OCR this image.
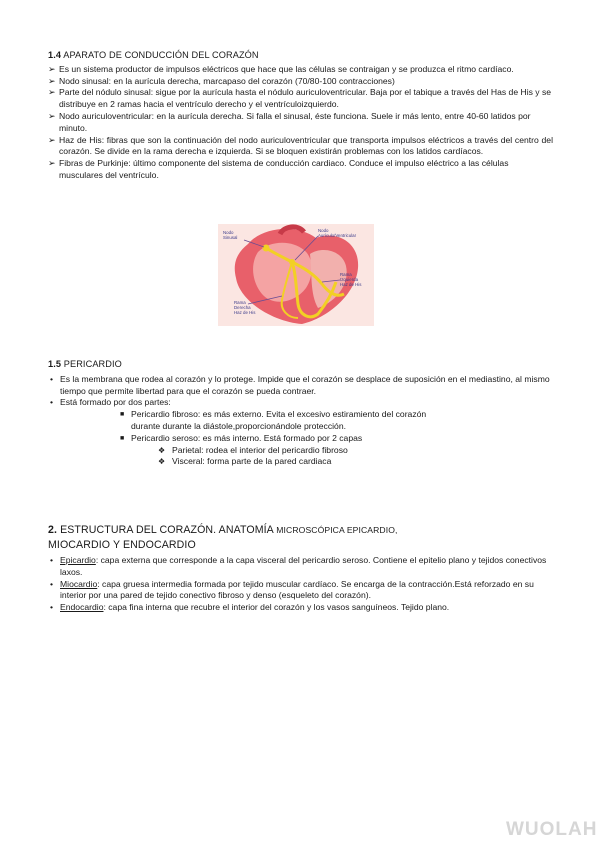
1.4 APARATO DE CONDUCCIÓN DEL CORAZÓN
➢ Es un sistema productor de impulsos eléctricos que hace que las células se contraigan y se produzca el ritmo cardíaco.
➢ Nodo sinusal: en la aurícula derecha, marcapaso del corazón (70/80-100 contracciones)
➢ Parte del nódulo sinusal: sigue por la aurícula hasta el nódulo auriculoventricular. Baja por el tabique a través del Has de His y se distribuye en 2 ramas hacia el ventrículo derecho y el ventrículoizquierdo.
➢ Nodo auriculoventricular: en la aurícula derecha. Si falla el sinusal, éste funciona. Suele ir más lento, entre 40-60 latidos por minuto.
➢ Haz de His: fibras que son la continuación del nodo auriculoventricular que transporta impulsos eléctricos a través del centro del corazón. Se divide en la rama derecha e izquierda. Si se bloquen existirán problemas con los latidos cardíacos.
➢ Fibras de Purkinje: último componente del sistema de conducción cardiaco. Conduce el impulso eléctrico a las células musculares del ventrículo.
Nodo
Sinusal
Nodo
Aurículo/Ventricular
Rama
Izquierda
Haz de His
Rama
Derecha
Haz de His
1.5 PERICARDIO
• Es la membrana que rodea al corazón y lo protege. Impide que el corazón se desplace de suposición en el mediastino, al mismo tiempo que permite libertad para que el corazón se pueda contraer.
• Está formado por dos partes:
■ Pericardio fibroso: es más externo. Evita el excesivo estiramiento del corazón durante durante la diástole,proporcionándole protección.
■ Pericardio seroso: es más interno. Está formado por 2 capas
❖ Parietal: rodea el interior del pericardio fibroso
❖ Visceral: forma parte de la pared cardiaca
2. ESTRUCTURA DEL CORAZÓN. ANATOMÍA MICROSCÓPICA EPICARDIO,
MIOCARDIO Y ENDOCARDIO
• Epicardio: capa externa que corresponde a la capa visceral del pericardio seroso. Contiene el epitelio plano y tejidos conectivos laxos.
• Miocardio: capa gruesa intermedia formada por tejido muscular cardíaco. Se encarga de la contracción.Está reforzado en su interior por una pared de tejido conectivo fibroso y denso (esqueleto del corazón).
• Endocardio: capa fina interna que recubre el interior del corazón y los vasos sanguíneos. Tejido plano.
WUOLAH
